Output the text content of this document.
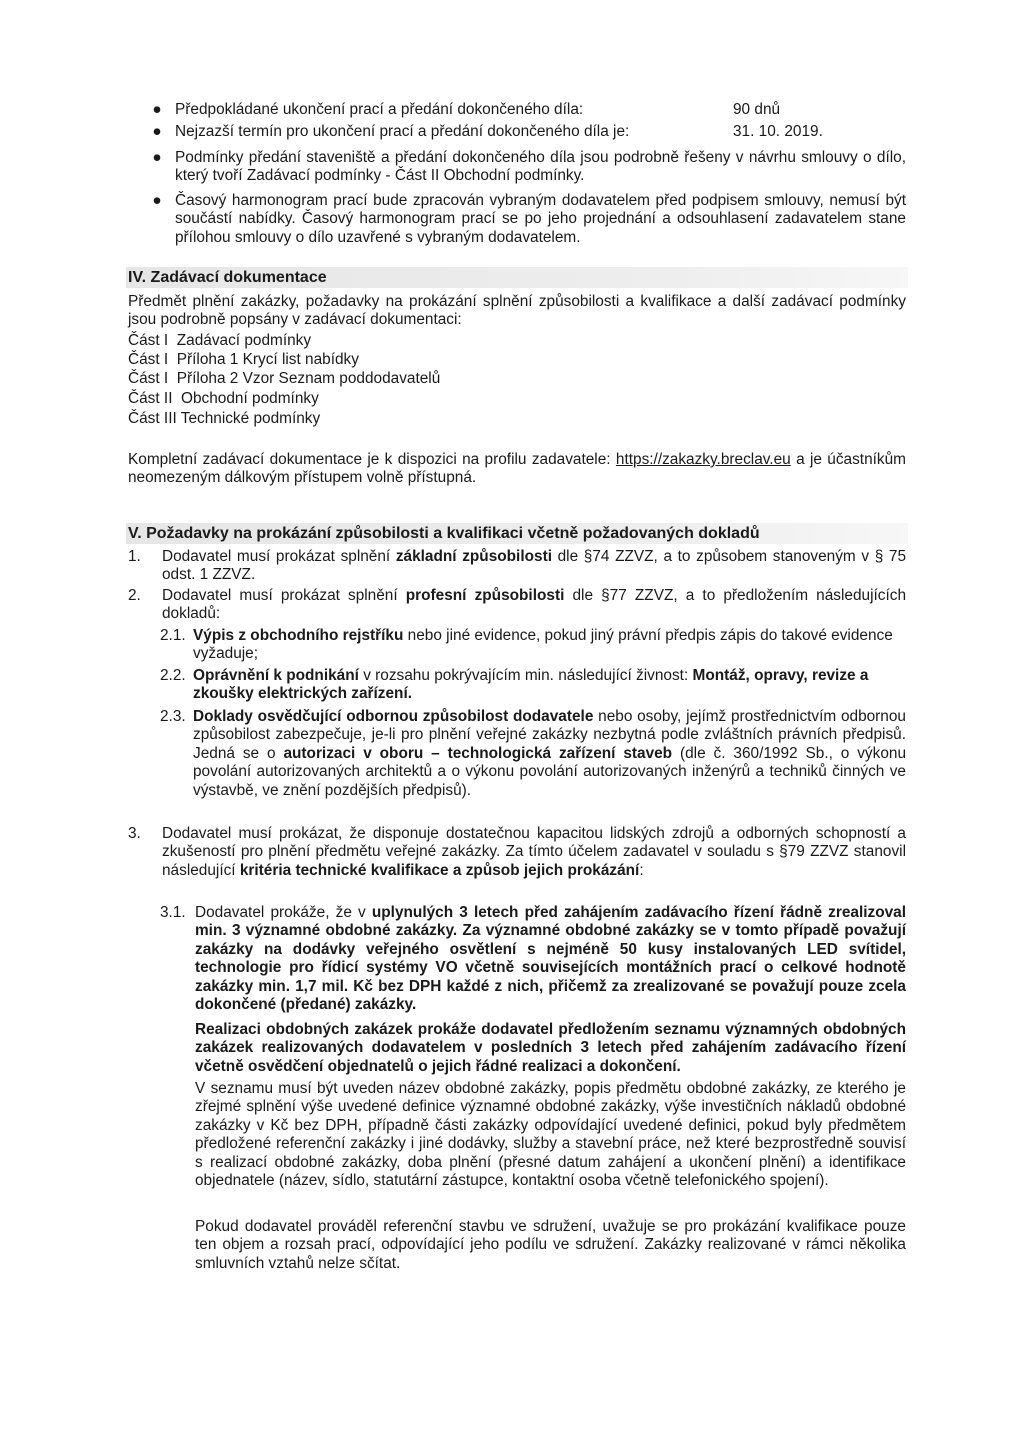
● Předpokládané ukončení prací a předání dokončeného díla:	90 dnů
● Nejzazší termín pro ukončení prací a předání dokončeného díla je:	31. 10. 2019.
● Podmínky předání staveniště a předání dokončeného díla jsou podrobně řešeny v návrhu smlouvy o dílo, který tvoří Zadávací podmínky - Část II Obchodní podmínky.
● Časový harmonogram prací bude zpracován vybraným dodavatelem před podpisem smlouvy, nemusí být součástí nabídky. Časový harmonogram prací se po jeho projednání a odsouhlasení zadavatelem stane přílohou smlouvy o dílo uzavřené s vybraným dodavatelem.
IV. Zadávací dokumentace
Předmět plnění zakázky, požadavky na prokázání splnění způsobilosti a kvalifikace a další zadávací podmínky jsou podrobně popsány v zadávací dokumentaci:
Část I  Zadávací podmínky
Část I  Příloha 1 Krycí list nabídky
Část I  Příloha 2 Vzor Seznam poddodavatelů
Část II  Obchodní podmínky
Část III Technické podmínky
Kompletní zadávací dokumentace je k dispozici na profilu zadavatele: https://zakazky.breclav.eu a je účastníkům neomezeným dálkovým přístupem volně přístupná.
V. Požadavky na prokázání způsobilosti a kvalifikaci včetně požadovaných dokladů
1. Dodavatel musí prokázat splnění základní způsobilosti dle §74 ZZVZ, a to způsobem stanoveným v § 75 odst. 1 ZZVZ.
2. Dodavatel musí prokázat splnění profesní způsobilosti dle §77 ZZVZ, a to předložením následujících dokladů:
2.1. Výpis z obchodního rejstříku nebo jiné evidence, pokud jiný právní předpis zápis do takové evidence vyžaduje;
2.2. Oprávnění k podnikání v rozsahu pokrývajícím min. následující živnost: Montáž, opravy, revize a zkoušky elektrických zařízení.
2.3. Doklady osvědčující odbornou způsobilost dodavatele nebo osoby, jejímž prostřednictvím odbornou způsobilost zabezpečuje, je-li pro plnění veřejné zakázky nezbytná podle zvláštních právních předpisů. Jedná se o autorizaci v oboru – technologická zařízení staveb (dle č. 360/1992 Sb., o výkonu povolání autorizovaných architektů a o výkonu povolání autorizovaných inženýrů a techniků činných ve výstavbě, ve znění pozdějších předpisů).
3. Dodavatel musí prokázat, že disponuje dostatečnou kapacitou lidských zdrojů a odborných schopností a zkušeností pro plnění předmětu veřejné zakázky. Za tímto účelem zadavatel v souladu s §79 ZZVZ stanovil následující kritéria technické kvalifikace a způsob jejich prokázání:
3.1. Dodavatel prokáže, že v uplynulých 3 letech před zahájením zadávacího řízení řádně zrealizoval min. 3 významné obdobné zakázky. Za významné obdobné zakázky se v tomto případě považují zakázky na dodávky veřejného osvětlení s nejméně 50 kusy instalovaných LED svítidel, technologie pro řídicí systémy VO včetně souvisejících montážních prací o celkové hodnotě zakázky min. 1,7 mil. Kč bez DPH každé z nich, přičemž za zrealizované se považují pouze zcela dokončené (předané) zakázky.
Realizaci obdobných zakázek prokáže dodavatel předložením seznamu významných obdobných zakázek realizovaných dodavatelem v posledních 3 letech před zahájením zadávacího řízení včetně osvědčení objednatelů o jejich řádné realizaci a dokončení.
V seznamu musí být uveden název obdobné zakázky, popis předmětu obdobné zakázky, ze kterého je zřejmé splnění výše uvedené definice významné obdobné zakázky, výše investičních nákladů obdobné zakázky v Kč bez DPH, případně části zakázky odpovídající uvedené definici, pokud byly předmětem předložené referenční zakázky i jiné dodávky, služby a stavební práce, než které bezprostředně souvisí s realizací obdobné zakázky, doba plnění (přesné datum zahájení a ukončení plnění) a identifikace objednatele (název, sídlo, statutární zástupce, kontaktní osoba včetně telefonického spojení).
Pokud dodavatel prováděl referenční stavbu ve sdružení, uvažuje se pro prokázání kvalifikace pouze ten objem a rozsah prací, odpovídající jeho podílu ve sdružení. Zakázky realizované v rámci několika smluvních vztahů nelze sčítat.
